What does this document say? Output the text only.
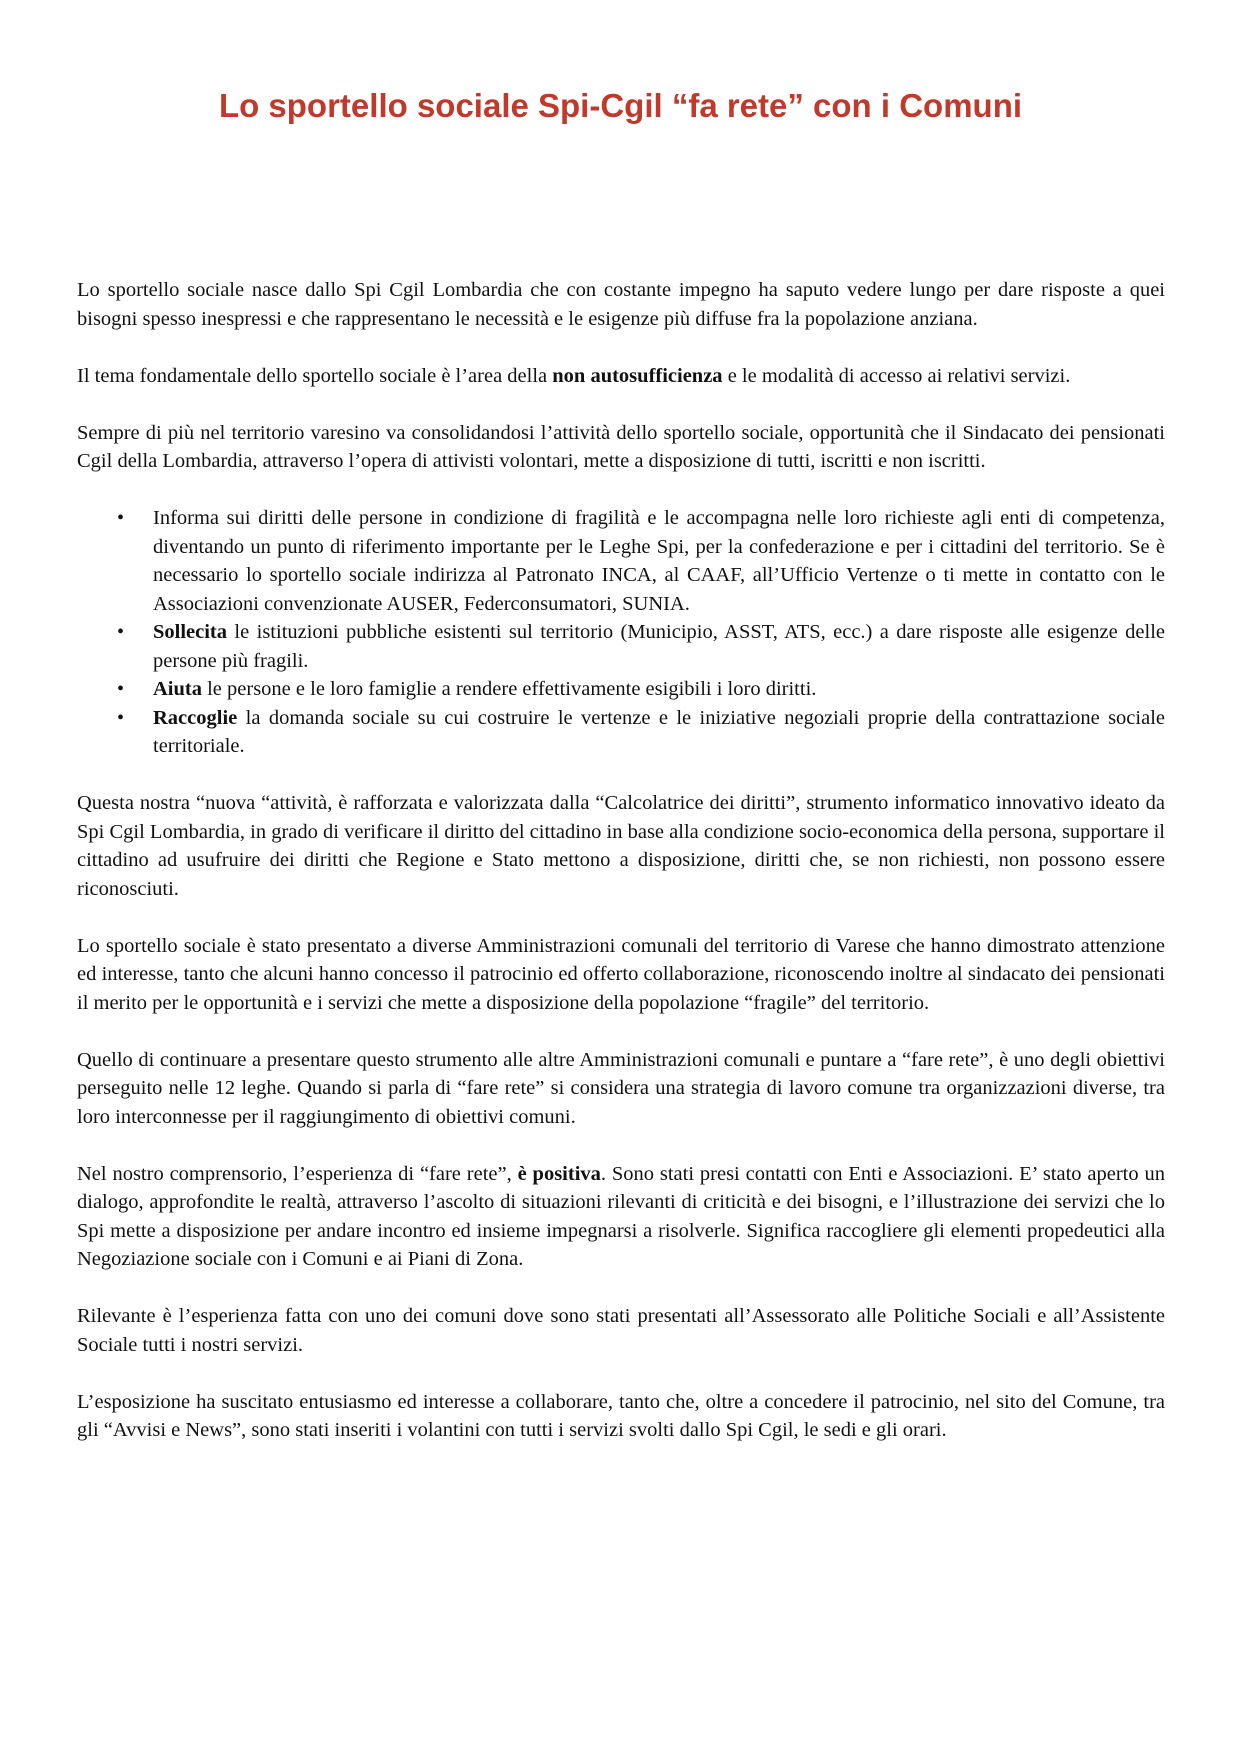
Lo sportello sociale Spi-Cgil “fa rete” con i Comuni

Lo sportello sociale nasce dallo Spi Cgil Lombardia che con costante impegno ha saputo vedere lungo per dare risposte a quei bisogni spesso inespressi e che rappresentano le necessità e le esigenze più diffuse fra la popolazione anziana.

Il tema fondamentale dello sportello sociale è l’area della non autosufficienza e le modalità di accesso ai relativi servizi.

Sempre di più nel territorio varesino va consolidandosi l’attività dello sportello sociale, opportunità che il Sindacato dei pensionati Cgil della Lombardia, attraverso l’opera di attivisti volontari, mette a disposizione di tutti, iscritti e non iscritti.

• Informa sui diritti delle persone in condizione di fragilità e le accompagna nelle loro richieste agli enti di competenza, diventando un punto di riferimento importante per le Leghe Spi, per la confederazione e per i cittadini del territorio. Se è necessario lo sportello sociale indirizza al Patronato INCA, al CAAF, all’Ufficio Vertenze o ti mette in contatto con le Associazioni convenzionate AUSER, Federconsumatori, SUNIA.
• Sollecita le istituzioni pubbliche esistenti sul territorio (Municipio, ASST, ATS, ecc.) a dare risposte alle esigenze delle persone più fragili.
• Aiuta le persone e le loro famiglie a rendere effettivamente esigibili i loro diritti.
• Raccoglie la domanda sociale su cui costruire le vertenze e le iniziative negoziali proprie della contrattazione sociale territoriale.

Questa nostra “nuova “attività, è rafforzata e valorizzata dalla “Calcolatrice dei diritti”, strumento informatico innovativo ideato da Spi Cgil Lombardia, in grado di verificare il diritto del cittadino in base alla condizione socio-economica della persona, supportare il cittadino ad usufruire dei diritti che Regione e Stato mettono a disposizione, diritti che, se non richiesti, non possono essere riconosciuti.

Lo sportello sociale è stato presentato a diverse Amministrazioni comunali del territorio di Varese che hanno dimostrato attenzione ed interesse, tanto che alcuni hanno concesso il patrocinio ed offerto collaborazione, riconoscendo inoltre al sindacato dei pensionati il merito per le opportunità e i servizi che mette a disposizione della popolazione “fragile” del territorio.

Quello di continuare a presentare questo strumento alle altre Amministrazioni comunali e puntare a “fare rete”, è uno degli obiettivi perseguito nelle 12 leghe. Quando si parla di “fare rete” si considera una strategia di lavoro comune tra organizzazioni diverse, tra loro interconnesse per il raggiungimento di obiettivi comuni.

Nel nostro comprensorio, l’esperienza di “fare rete”, è positiva. Sono stati presi contatti con Enti e Associazioni. E’ stato aperto un dialogo, approfondite le realtà, attraverso l’ascolto di situazioni rilevanti di criticità e dei bisogni, e l’illustrazione dei servizi che lo Spi mette a disposizione per andare incontro ed insieme impegnarsi a risolverle. Significa raccogliere gli elementi propedeutici alla Negoziazione sociale con i Comuni e ai Piani di Zona.

Rilevante è l’esperienza fatta con uno dei comuni dove sono stati presentati all’Assessorato alle Politiche Sociali e all’Assistente Sociale tutti i nostri servizi.

L’esposizione ha suscitato entusiasmo ed interesse a collaborare, tanto che, oltre a concedere il patrocinio, nel sito del Comune, tra gli “Avvisi e News”, sono stati inseriti i volantini con tutti i servizi svolti dallo Spi Cgil, le sedi e gli orari.
